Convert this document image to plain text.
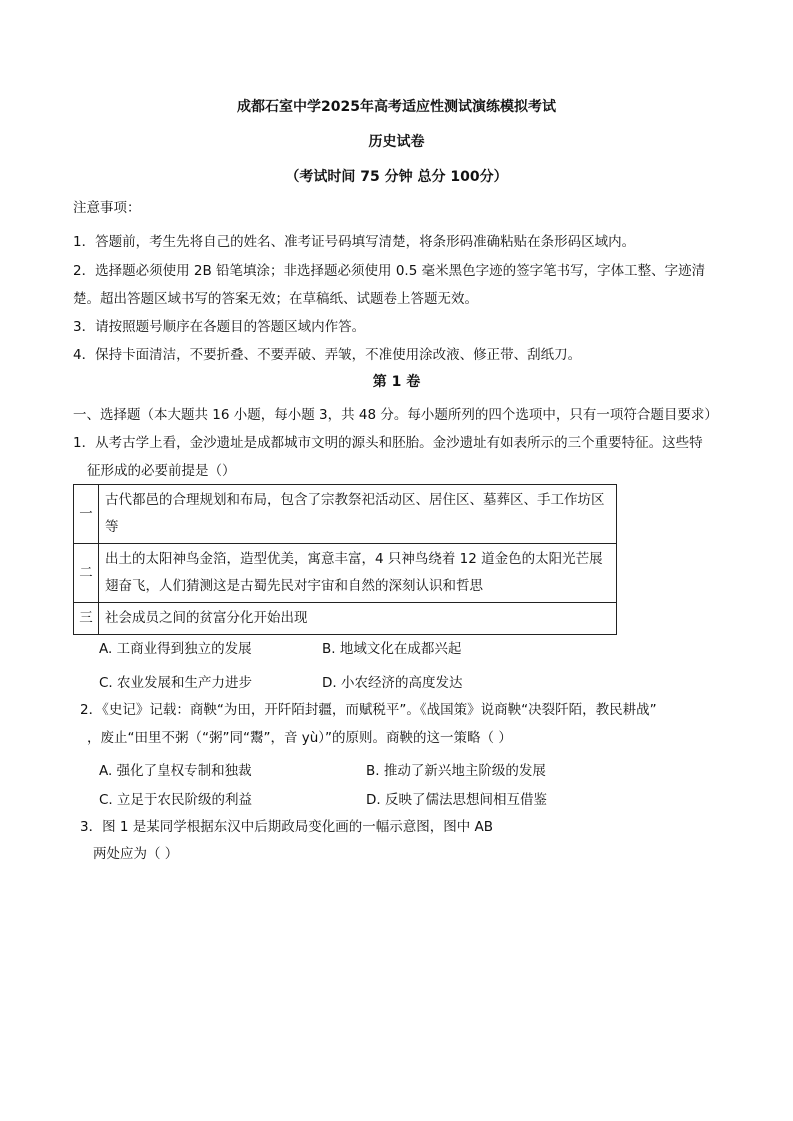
成都石室中学2025年高考适应性测试演练模拟考试
历史试卷
（考试时间 75 分钟 总分 100分）
注意事项：
1．答题前，考生先将自己的姓名、准考证号码填写清楚，将条形码准确粘贴在条形码区域内。
2．选择题必须使用 2B 铅笔填涂；非选择题必须使用 0.5 毫米黑色字迹的签字笔书写，字体工整、字迹清
楚。超出答题区域书写的答案无效；在草稿纸、试题卷上答题无效。
3．请按照题号顺序在各题目的答题区域内作答。
4．保持卡面清洁，不要折叠、不要弄破、弄皱，不准使用涂改液、修正带、刮纸刀。
第 1 卷
一、选择题（本大题共 16 小题，每小题 3，共 48 分。每小题所列的四个选项中，只有一项符合题目要求）
1．从考古学上看，金沙遗址是成都城市文明的源头和胚胎。金沙遗址有如表所示的三个重要特征。这些特
征形成的必要前提是（）
一	古代都邑的合理规划和布局，包含了宗教祭祀活动区、居住区、墓葬区、手工作坊区等
二	出土的太阳神鸟金箔，造型优美，寓意丰富，4 只神鸟绕着 12 道金色的太阳光芒展翅奋飞，人们猜测这是古蜀先民对宇宙和自然的深刻认识和哲思
三	社会成员之间的贫富分化开始出现
A. 工商业得到独立的发展	B. 地域文化在成都兴起
C. 农业发展和生产力进步	D. 小农经济的高度发达
2．《史记》记载：商鞅“为田，开阡陌封疆，而赋税平”。《战国策》说商鞅“决裂阡陌，教民耕战”
，废止“田里不粥（“粥”同“鬻”，音 yù）”的原则。商鞅的这一策略（ ）
A. 强化了皇权专制和独裁	B. 推动了新兴地主阶级的发展
C. 立足于农民阶级的利益	D. 反映了儒法思想间相互借鉴
3．图 1 是某同学根据东汉中后期政局变化画的一幅示意图，图中 AB
两处应为（ ）
